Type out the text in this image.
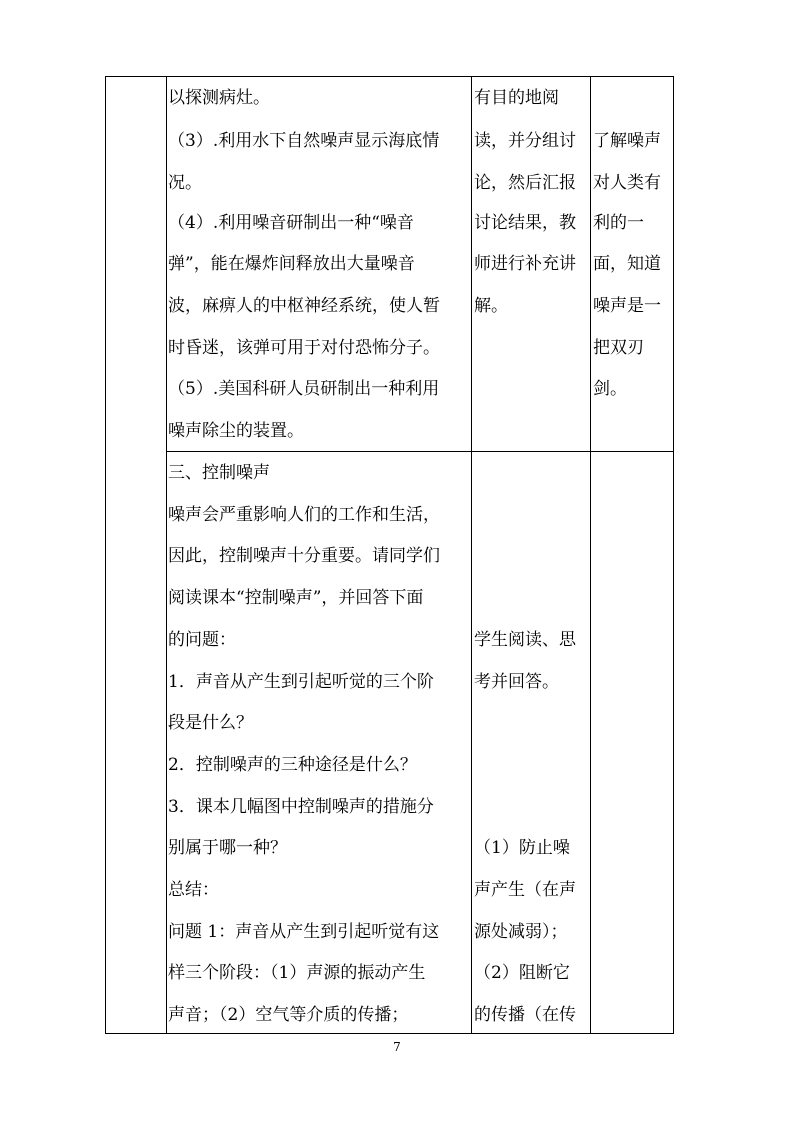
以探测病灶。
（3）.利用水下自然噪声显示海底情
况。
（4）.利用噪音研制出一种“噪音
弹”，能在爆炸间释放出大量噪音
波，麻痹人的中枢神经系统，使人暂
时昏迷，该弹可用于对付恐怖分子。
（5）.美国科研人员研制出一种利用
噪声除尘的装置。
有目的地阅
读，并分组讨
论，然后汇报
讨论结果，教
师进行补充讲
解。
了解噪声
对人类有
利的一
面，知道
噪声是一
把双刃
剑。
三、控制噪声
噪声会严重影响人们的工作和生活，
因此，控制噪声十分重要。请同学们
阅读课本“控制噪声”，并回答下面
的问题：
1．声音从产生到引起听觉的三个阶
段是什么？
2．控制噪声的三种途径是什么？
3．课本几幅图中控制噪声的措施分
别属于哪一种？
总结：
问题 1：声音从产生到引起听觉有这
样三个阶段：（1）声源的振动产生
声音；（2）空气等介质的传播；
学生阅读、思
考并回答。
（1）防止噪
声产生（在声
源处减弱）；
（2）阻断它
的传播（在传
7
